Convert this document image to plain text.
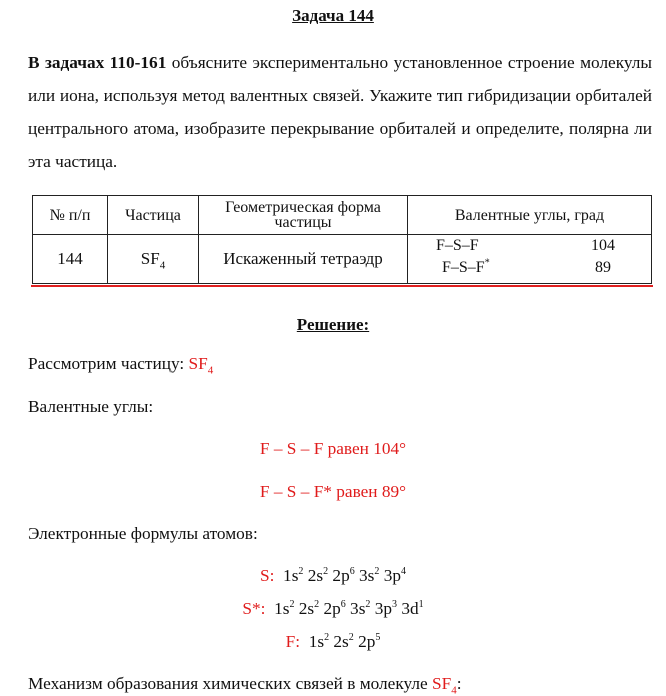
Задача 144
В задачах 110-161 объясните экспериментально установленное строение молекулы или иона, используя метод валентных связей. Укажите тип гибридизации орбиталей центрального атома, изобразите перекрывание орбиталей и определите, полярна ли эта частица.
№ п/п	Частица	Геометрическая форма частицы	Валентные углы, град
144	$SF_4$	Искаженный тетраэдр	F–S–F 104
F–S–F* 89
Решение:
Рассмотрим частицу: $SF_4$
Валентные углы:
F – S – F равен 104°
F – S – F* равен 89°
Электронные формулы атомов:
S: $1s^2$ $2s^2$ $2p^6$ $3s^2$ $3p^4$
S*: $1s^2$ $2s^2$ $2p^6$ $3s^2$ $3p^3$ $3d^1$
F: $1s^2$ $2s^2$ $2p^5$
Механизм образования химических связей в молекуле $SF_4$:
